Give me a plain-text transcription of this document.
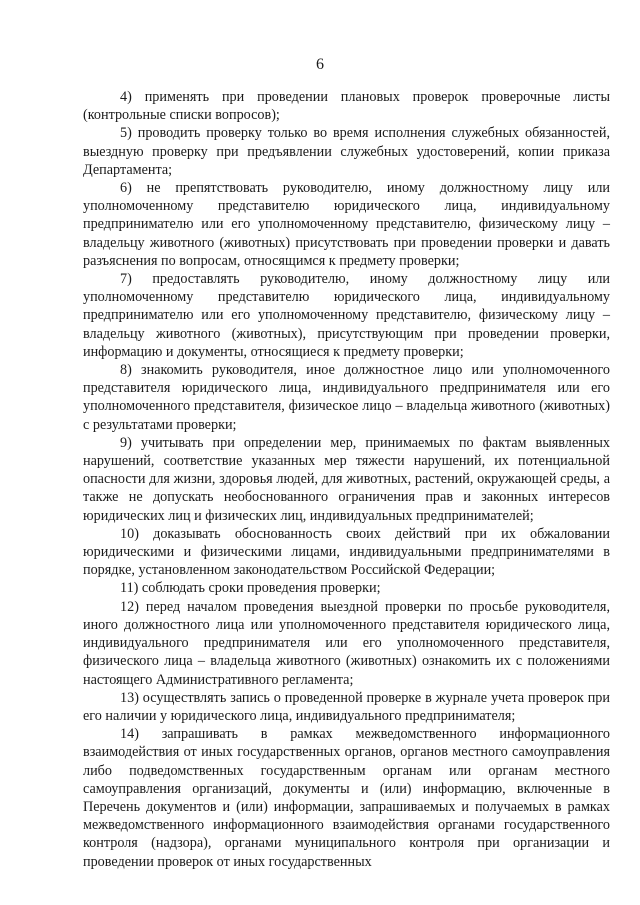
6

4) применять при проведении плановых проверок проверочные листы (контрольные списки вопросов);

5) проводить проверку только во время исполнения служебных обязанностей, выездную проверку при предъявлении служебных удостоверений, копии приказа Департамента;

6) не препятствовать руководителю, иному должностному лицу или уполномоченному представителю юридического лица, индивидуальному предпринимателю или его уполномоченному представителю, физическому лицу – владельцу животного (животных) присутствовать при проведении проверки и давать разъяснения по вопросам, относящимся к предмету проверки;

7) предоставлять руководителю, иному должностному лицу или уполномоченному представителю юридического лица, индивидуальному предпринимателю или его уполномоченному представителю, физическому лицу – владельцу животного (животных), присутствующим при проведении проверки, информацию и документы, относящиеся к предмету проверки;

8) знакомить руководителя, иное должностное лицо или уполномоченного представителя юридического лица, индивидуального предпринимателя или его уполномоченного представителя, физическое лицо – владельца животного (животных) с результатами проверки;

9) учитывать при определении мер, принимаемых по фактам выявленных нарушений, соответствие указанных мер тяжести нарушений, их потенциальной опасности для жизни, здоровья людей, для животных, растений, окружающей среды, а также не допускать необоснованного ограничения прав и законных интересов юридических лиц и физических лиц, индивидуальных предпринимателей;

10) доказывать обоснованность своих действий при их обжаловании юридическими и физическими лицами, индивидуальными предпринимателями в порядке, установленном законодательством Российской Федерации;

11) соблюдать сроки проведения проверки;

12) перед началом проведения выездной проверки по просьбе руководителя, иного должностного лица или уполномоченного представителя юридического лица, индивидуального предпринимателя или его уполномоченного представителя, физического лица – владельца животного (животных) ознакомить их с положениями настоящего Административного регламента;

13) осуществлять запись о проведенной проверке в журнале учета проверок при его наличии у юридического лица, индивидуального предпринимателя;

14) запрашивать в рамках межведомственного информационного взаимодействия от иных государственных органов, органов местного самоуправления либо подведомственных государственным органам или органам местного самоуправления организаций, документы и (или) информацию, включенные в Перечень документов и (или) информации, запрашиваемых и получаемых в рамках межведомственного информационного взаимодействия органами государственного контроля (надзора), органами муниципального контроля при организации и проведении проверок от иных государственных
